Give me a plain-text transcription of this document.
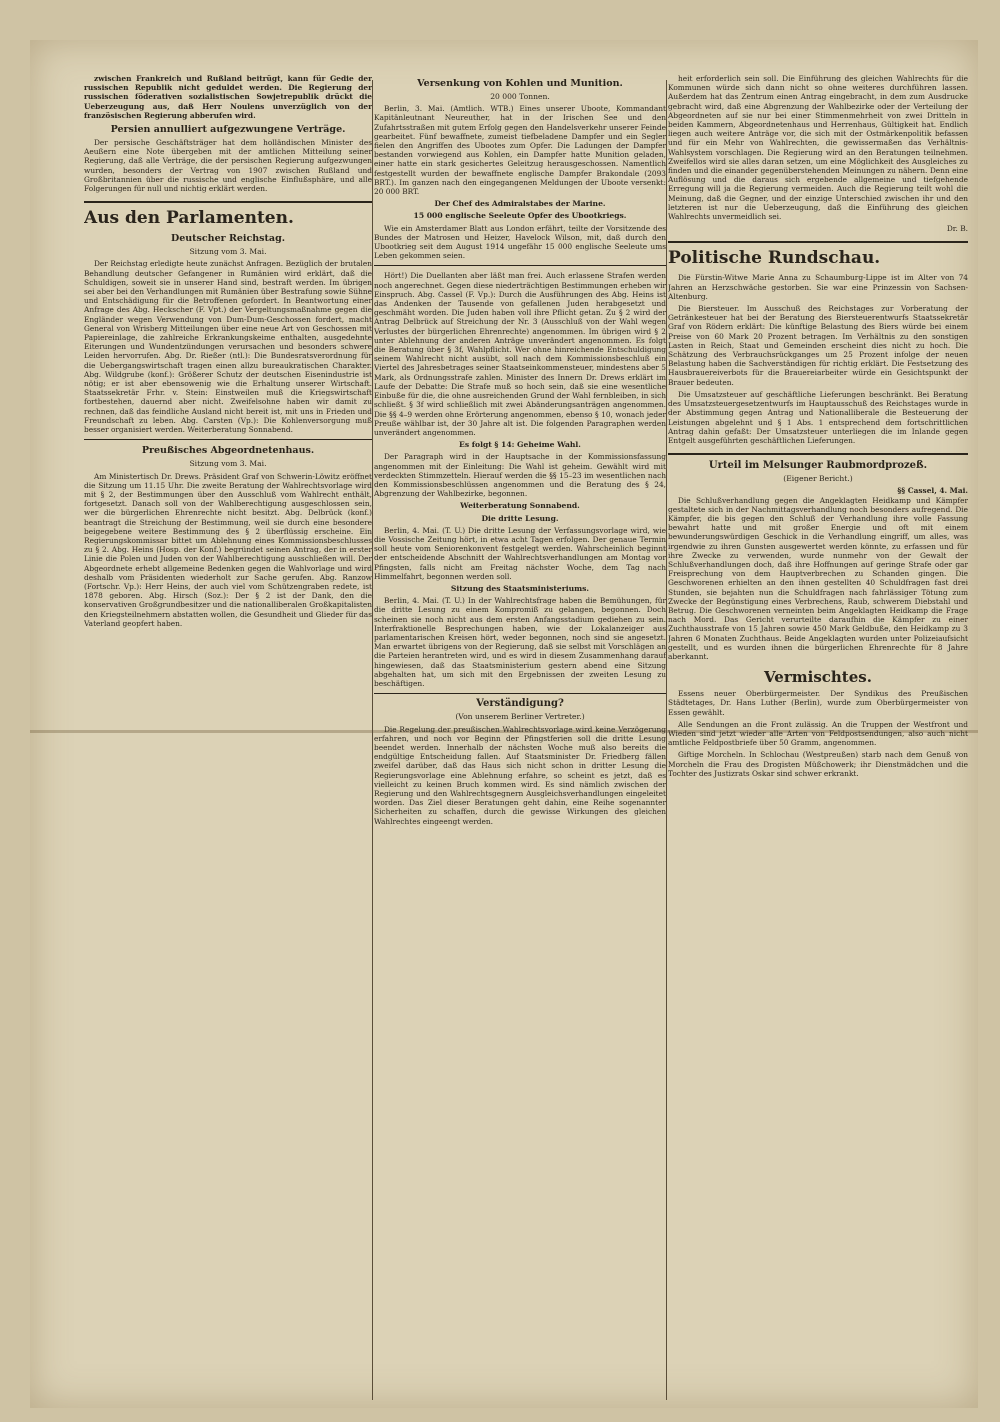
zwischen Frankreich und Rußland beitrügt, kann für Gedie der russischen Republik nicht geduldet werden. Die Regierung der russischen föderativen sozialistischen Sowjetrepublik drückt die Ueberzeugung aus, daß Herr Noulens unverzüglich von der französischen Regierung abberufen wird.

Persien annulliert aufgezwungene Verträge.

Der persische Geschäftsträger hat dem holländischen Minister des Aeußern eine Note übergeben mit der amtlichen Mitteilung seiner Regierung, daß alle Verträge, die der persischen Regierung aufgezwungen wurden, besonders der Vertrag von 1907 zwischen Rußland und Großbritannien über die russische und englische Einflußsphäre, und alle Folgerungen für null und nichtig erklärt werden.

Aus den Parlamenten.
Deutscher Reichstag.
Sitzung vom 3. Mai.

Der Reichstag erledigte heute zunächst Anfragen. Bezüglich der brutalen Behandlung deutscher Gefangener in Rumänien wird erklärt, daß die Schuldigen, soweit sie in unserer Hand sind, bestraft werden. Im übrigen sei aber bei den Verhandlungen mit Rumänien über Bestrafung sowie Sühne und Entschädigung für die Betroffenen gefordert. In Beantwortung einer Anfrage des Abg. Heckscher (F. Vpt.) der Vergeltungsmaßnahme gegen die Engländer wegen Verwendung von Dum-Dum-Geschossen fordert, macht General von Wrisberg Mitteilungen über eine neue Art von Geschossen mit Papiereinlage, die zahlreiche Erkrankungskeime enthalten, ausgedehnte Eiterungen und Wundentzündungen verursachen und besonders schwere Leiden hervorrufen. Abg. Dr. Rießer (ntl.): Die Bundesratsverordnung für die Uebergangswirtschaft tragen einen allzu bureaukratischen Charakter. Abg. Wildgrube (konf.): Größerer Schutz der deutschen Eisenindustrie ist nötig; er ist aber ebensowenig wie die Erhaltung unserer Wirtschaft. Staatssekretär Frhr. v. Stein: Einstweilen muß die Kriegswirtschaft fortbestehen, dauernd aber nicht. Zweifelsohne haben wir damit zu rechnen, daß das feindliche Ausland nicht bereit ist, mit uns in Frieden und Freundschaft zu leben. Abg. Carsten (Vp.): Die Kohlenversorgung muß besser organisiert werden. Weiterberatung Sonnabend.

Preußisches Abgeordnetenhaus.
Sitzung vom 3. Mai.

Am Ministertisch Dr. Drews. Präsident Graf von Schwerin-Löwitz eröffnet die Sitzung um 11.15 Uhr. Die zweite Beratung der Wahlrechtsvorlage wird mit § 2, der Bestimmungen über den Ausschluß vom Wahlrecht enthält, fortgesetzt. Danach soll von der Wahlberechtigung ausgeschlossen sein, wer die bürgerlichen Ehrenrechte nicht besitzt. Abg. Delbrück (konf.) beantragt die Streichung der Bestimmung, weil sie durch eine besondere beigegebene weitere Bestimmung des § 2 überflüssig erscheine. Ein Regierungskommissar bittet um Ablehnung eines Kommissionsbeschlusses zu § 2. Abg. Heins (Hosp. der Konf.) begründet seinen Antrag, der in erster Linie die Polen und Juden von der Wahlberechtigung ausschließen will. Der Abgeordnete erhebt allgemeine Bedenken gegen die Wahlvorlage und wird deshalb vom Präsidenten wiederholt zur Sache gerufen. Abg. Ranzow (Fortschr. Vp.): Herr Heins, der auch viel vom Schützengraben redete, ist 1878 geboren. Abg. Hirsch (Soz.): Der § 2 ist der Dank, den die konservativen Großgrundbesitzer und die nationalliberalen Großkapitalisten den Kriegsteilnehmern abstatten wollen, die Gesundheit und Glieder für das Vaterland geopfert haben.

Versenkung von Kohlen und Munition.
20 000 Tonnen.

Berlin, 3. Mai. (Amtlich. WTB.) Eines unserer Uboote, Kommandant Kapitänleutnant Neureuther, hat in der Irischen See und den Zufahrtsstraßen mit gutem Erfolg gegen den Handelsverkehr unserer Feinde gearbeitet. Fünf bewaffnete, zumeist tiefbeladene Dampfer und ein Segler fielen den Angriffen des Ubootes zum Opfer. Die Ladungen der Dampfer bestanden vorwiegend aus Kohlen, ein Dampfer hatte Munition geladen, einer hatte ein stark gesichertes Geleitzug herausgeschossen. Namentlich festgestellt wurden der bewaffnete englische Dampfer Brakondale (2093 BRT.). Im ganzen nach den eingegangenen Meldungen der Uboote versenkt: 20 000 BRT.

Der Chef des Admiralstabes der Marine.
15 000 englische Seeleute Opfer des Ubootkriegs.

Wie ein Amsterdamer Blatt aus London erfährt, teilte der Vorsitzende des Bundes der Matrosen und Heizer, Havelock Wilson, mit, daß durch den Ubootkrieg seit dem August 1914 ungefähr 15 000 englische Seeleute ums Leben gekommen seien.

Hört!) Die Duellanten aber läßt man frei. Auch erlassene Strafen werden noch angerechnet. Gegen diese niederträchtigen Bestimmungen erheben wir Einspruch. Abg. Cassel (F. Vp.): Durch die Ausführungen des Abg. Heins ist das Andenken der Tausende von gefallenen Juden herabgesetzt und geschmäht worden. Die Juden haben voll ihre Pflicht getan. Zu § 2 wird der Antrag Delbrück auf Streichung der Nr. 3 (Ausschluß von der Wahl wegen Verlustes der bürgerlichen Ehrenrechte) angenommen. Im übrigen wird § 2 unter Ablehnung der anderen Anträge unverändert angenommen. Es folgt die Beratung über § 3f, Wahlpflicht. Wer ohne hinreichende Entschuldigung seinem Wahlrecht nicht ausübt, soll nach dem Kommissionsbeschluß ein Viertel des Jahresbetrages seiner Staatseinkommensteuer, mindestens aber 5 Mark, als Ordnungsstrafe zahlen. Minister des Innern Dr. Drews erklärt im Laufe der Debatte: Die Strafe muß so hoch sein, daß sie eine wesentliche Einbuße für die, die ohne ausreichenden Grund der Wahl fernbleiben, in sich schließt. § 3f wird schließlich mit zwei Abänderungsanträgen angenommen. Die §§ 4–9 werden ohne Erörterung angenommen, ebenso § 10, wonach jeder Preuße wählbar ist, der 30 Jahre alt ist. Die folgenden Paragraphen werden unverändert angenommen.

Es folgt § 14: Geheime Wahl.

Der Paragraph wird in der Hauptsache in der Kommissionsfassung angenommen mit der Einleitung: Die Wahl ist geheim. Gewählt wird mit verdeckten Stimmzetteln. Hierauf werden die §§ 15–23 im wesentlichen nach den Kommissionsbeschlüssen angenommen und die Beratung des § 24, Abgrenzung der Wahlbezirke, begonnen.

Weiterberatung Sonnabend.
Die dritte Lesung.

Berlin, 4. Mai. (T. U.) Die dritte Lesung der Verfassungsvorlage wird, wie die Vossische Zeitung hört, in etwa acht Tagen erfolgen. Der genaue Termin soll heute vom Seniorenkonvent festgelegt werden. Wahrscheinlich beginnt der entscheidende Abschnitt der Wahlrechtsverhandlungen am Montag vor Pfingsten, falls nicht am Freitag nächster Woche, dem Tag nach Himmelfahrt, begonnen werden soll.

Sitzung des Staatsministeriums.

Berlin, 4. Mai. (T. U.) In der Wahlrechtsfrage haben die Bemühungen, für die dritte Lesung zu einem Kompromiß zu gelangen, begonnen. Doch scheinen sie noch nicht aus dem ersten Anfangsstadium gediehen zu sein. Interfraktionelle Besprechungen haben, wie der Lokalanzeiger aus parlamentarischen Kreisen hört, weder begonnen, noch sind sie angesetzt. Man erwartet übrigens von der Regierung, daß sie selbst mit Vorschlägen an die Parteien herantreten wird, und es wird in diesem Zusammenhang darauf hingewiesen, daß das Staatsministerium gestern abend eine Sitzung abgehalten hat, um sich mit den Ergebnissen der zweiten Lesung zu beschäftigen.

Verständigung?
(Von unserem Berliner Vertreter.)

Die Regelung der preußischen Wahlrechtsvorlage wird keine Verzögerung erfahren, und noch vor Beginn der Pfingstferien soll die dritte Lesung beendet werden. Innerhalb der nächsten Woche muß also bereits die endgültige Entscheidung fallen. Auf Staatsminister Dr. Friedberg fällen zweifel darüber, daß das Haus sich nicht schon in dritter Lesung die Regierungsvorlage eine Ablehnung erfahre, so scheint es jetzt, daß es vielleicht zu keinen Bruch kommen wird. Es sind nämlich zwischen der Regierung und den Wahlrechtsgegnern Ausgleichsverhandlungen eingeleitet worden. Das Ziel dieser Beratungen geht dahin, eine Reihe sogenannter Sicherheiten zu schaffen, durch die gewisse Wirkungen des gleichen Wahlrechtes eingeengt werden.

heit erforderlich sein soll. Die Einführung des gleichen Wahlrechts für die Kommunen würde sich dann nicht so ohne weiteres durchführen lassen. Außerdem hat das Zentrum einen Antrag eingebracht, in dem zum Ausdrucke gebracht wird, daß eine Abgrenzung der Wahlbezirke oder der Verteilung der Abgeordneten auf sie nur bei einer Stimmenmehrheit von zwei Dritteln in beiden Kammern, Abgeordnetenhaus und Herrenhaus, Gültigkeit hat. Endlich liegen auch weitere Anträge vor, die sich mit der Ostmärkenpolitik befassen und für ein Mehr von Wahlrechten, die gewissermaßen das Verhältnis-Wahlsystem vorschlagen. Die Regierung wird an den Beratungen teilnehmen. Zweifellos wird sie alles daran setzen, um eine Möglichkeit des Ausgleiches zu finden und die einander gegenüberstehenden Meinungen zu nähern. Denn eine Auflösung und die daraus sich ergebende allgemeine und tiefgehende Erregung will ja die Regierung vermeiden. Auch die Regierung teilt wohl die Meinung, daß die Gegner, und der einzige Unterschied zwischen ihr und den letzteren ist nur die Ueberzeugung, daß die Einführung des gleichen Wahlrechts unvermeidlich sei.

Dr. B.
Politische Rundschau.

Die Fürstin-Witwe Marie Anna zu Schaumburg-Lippe ist im Alter von 74 Jahren an Herzschwäche gestorben. Sie war eine Prinzessin von Sachsen-Altenburg.

Die Biersteuer. Im Ausschuß des Reichstages zur Vorberatung der Getränkesteuer hat bei der Beratung des Biersteuerentwurfs Staatssekretär Graf von Rödern erklärt: Die künftige Belastung des Biers würde bei einem Preise von 60 Mark 20 Prozent betragen. Im Verhältnis zu den sonstigen Lasten in Reich, Staat und Gemeinden erscheint dies nicht zu hoch. Die Schätzung des Verbrauchsrückganges um 25 Prozent infolge der neuen Belastung haben die Sachverständigen für richtig erklärt. Die Festsetzung des Hausbrauereiverbots für die Brauereiarbeiter würde ein Gesichtspunkt der Brauer bedeuten.

Die Umsatzsteuer auf geschäftliche Lieferungen beschränkt. Bei Beratung des Umsatzsteuergesetzentwurfs im Hauptausschuß des Reichstages wurde in der Abstimmung gegen Antrag und Nationalliberale die Besteuerung der Leistungen abgelehnt und § 1 Abs. 1 entsprechend dem fortschrittlichen Antrag dahin gefaßt: Der Umsatzsteuer unterliegen die im Inlande gegen Entgelt ausgeführten geschäftlichen Lieferungen.

Urteil im Melsunger Raubmordprozeß.
(Eigener Bericht.)
§§ Cassel, 4. Mai.

Die Schlußverhandlung gegen die Angeklagten Heidkamp und Kämpfer gestaltete sich in der Nachmittagsverhandlung noch besonders aufregend. Die Kämpfer, die bis gegen den Schluß der Verhandlung ihre volle Fassung bewahrt hatte und mit großer Energie und oft mit einem bewunderungswürdigen Geschick in die Verhandlung eingriff, um alles, was irgendwie zu ihren Gunsten ausgewertet werden könnte, zu erfassen und für ihre Zwecke zu verwenden, wurde nunmehr von der Gewalt der Schlußverhandlungen doch, daß ihre Hoffnungen auf geringe Strafe oder gar Freisprechung von dem Hauptverbrechen zu Schanden gingen. Die Geschworenen erhielten an den ihnen gestellten 40 Schuldfragen fast drei Stunden, sie bejahten nun die Schuldfragen nach fahrlässiger Tötung zum Zwecke der Begünstigung eines Verbrechens, Raub, schwerem Diebstahl und Betrug. Die Geschworenen verneinten beim Angeklagten Heidkamp die Frage nach Mord. Das Gericht verurteilte daraufhin die Kämpfer zu einer Zuchthausstrafe von 15 Jahren sowie 450 Mark Geldbuße, den Heidkamp zu 3 Jahren 6 Monaten Zuchthaus. Beide Angeklagten wurden unter Polizeiaufsicht gestellt, und es wurden ihnen die bürgerlichen Ehrenrechte für 8 Jahre aberkannt.

Vermischtes.

Essens neuer Oberbürgermeister. Der Syndikus des Preußischen Städtetages, Dr. Hans Luther (Berlin), wurde zum Oberbürgermeister von Essen gewählt.

Alle Sendungen an die Front zulässig. An die Truppen der Westfront und Wieden sind jetzt wieder alle Arten von Feldpostsendungen, also auch nicht amtliche Feldpostbriefe über 50 Gramm, angenommen.

Giftige Morcheln. In Schlochau (Westpreußen) starb nach dem Genuß von Morcheln die Frau des Drogisten Müßchowerk; ihr Dienstmädchen und die Tochter des Justizrats Oskar sind schwer erkrankt.
